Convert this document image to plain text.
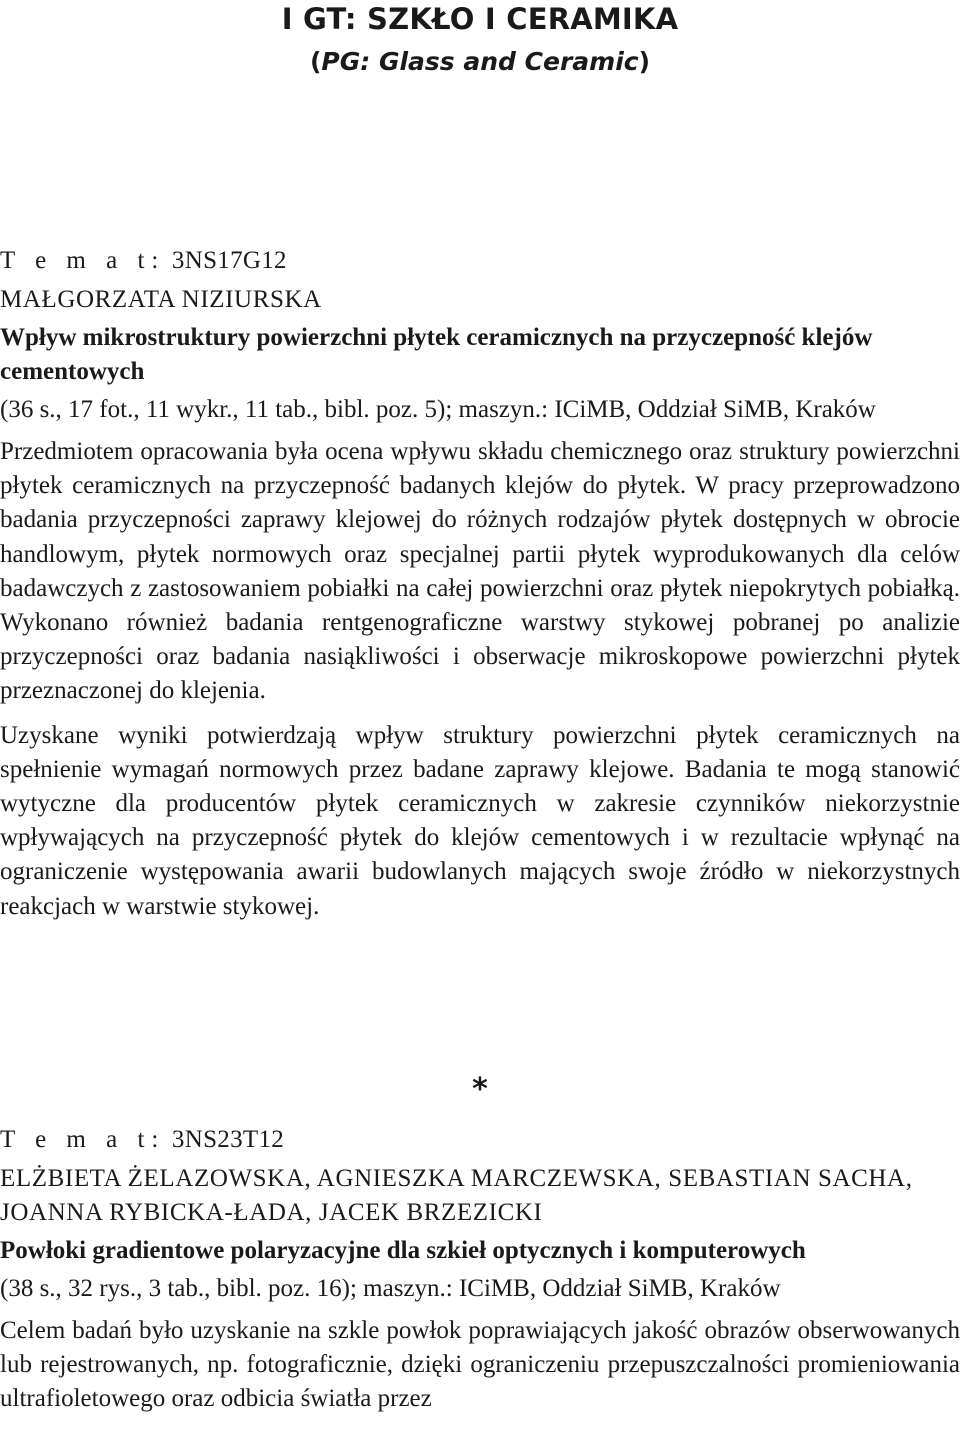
I GT: SZKŁO I CERAMIKA
(PG: Glass and Ceramic)

T e m a t: 3NS17G12

MAŁGORZATA NIZIURSKA

Wpływ mikrostruktury powierzchni płytek ceramicznych na przyczepność klejów cementowych

(36 s., 17 fot., 11 wykr., 11 tab., bibl. poz. 5); maszyn.: ICiMB, Oddział SiMB, Kraków

Przedmiotem opracowania była ocena wpływu składu chemicznego oraz struktury powierzchni płytek ceramicznych na przyczepność badanych klejów do płytek. W pracy przeprowadzono badania przyczepności zaprawy klejowej do różnych rodzajów płytek dostępnych w obrocie handlowym, płytek normowych oraz specjalnej partii płytek wyprodukowanych dla celów badawczych z zastosowaniem pobiałki na całej powierzchni oraz płytek niepokrytych pobiałką. Wykonano również badania rentgenograficzne warstwy stykowej pobranej po analizie przyczepności oraz badania nasiąkliwości i obserwacje mikroskopowe powierzchni płytek przeznaczonej do klejenia.

Uzyskane wyniki potwierdzają wpływ struktury powierzchni płytek ceramicznych na spełnienie wymagań normowych przez badane zaprawy klejowe. Badania te mogą stanowić wytyczne dla producentów płytek ceramicznych w zakresie czynników niekorzystnie wpływających na przyczepność płytek do klejów cementowych i w rezultacie wpłynąć na ograniczenie występowania awarii budowlanych mających swoje źródło w niekorzystnych reakcjach w warstwie stykowej.

*

T e m a t: 3NS23T12

ELŻBIETA ŻELAZOWSKA, AGNIESZKA MARCZEWSKA, SEBASTIAN SACHA, JOANNA RYBICKA-ŁADA, JACEK BRZEZICKI

Powłoki gradientowe polaryzacyjne dla szkieł optycznych i komputerowych

(38 s., 32 rys., 3 tab., bibl. poz. 16); maszyn.: ICiMB, Oddział SiMB, Kraków

Celem badań było uzyskanie na szkle powłok poprawiających jakość obrazów obserwowanych lub rejestrowanych, np. fotograficznie, dzięki ograniczeniu przepuszczalności promieniowania ultrafioletowego oraz odbicia światła przez
